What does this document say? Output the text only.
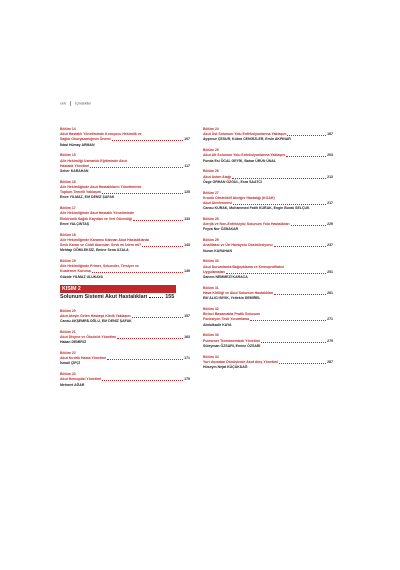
xxiv	İçindekiler
Bölüm 14
Akut Hastalık Yönetiminde Koruyucu Hekimlik ve
Sağlık Okuryazarlığının Önemi	107
İkbal Hümay ARMAN
Bölüm 15
Aile Hekimliği Uzmanlık Eğitiminde Akut
Hastalık Yönetimi	117
Seher KARAHAN
Bölüm 16
Aile Hekimliğinde Akut Hastalıkların Yönetiminde
Toplum Temelli Yaklaşım	125
Emre YILMAZ, Elif DENİZ ŞAFAK
Bölüm 17
Aile Hekimliğinde Akut Hastalık Yönetiminde
Elektronik Sağlık Kayıtları ve Veri Güvenliği	133
Emre YALÇINTAŞ
Bölüm 18
Aile Hekimliğinde Karamsı Kalınan Akut Hastalıklarda
Sevk Kararı ve Ciddi Alarmlar: Sevk mi İzlem mi?	143
Mehtap GÖMLEKSİZ, Emine Sena UZALA
Bölüm 19
Aile Hekimliğinde Primer, Sekonder, Tersiyer ve
Kuaterner Koruma	149
Güzide YILMAZ ULUKAYA
KISIM 2
Solunum Sistemi Akut Hastalıkları	155
Bölüm 20
Akut Ateşle Gelen Hastaya Klinik Yaklaşım	157
Cansu AKŞEMRİLOĞLU, Elif DENİZ ŞAFAK
Bölüm 21
Akut Dispne ve Öksürük Yönetimi	163
Hakan DEMİRCİ
Bölüm 22
Akut Kırdrik Hasta Yönetimi	171
İsmail ÇİFÇİ
Bölüm 23
Akut Hemoptizi Yönetimi	179
Mehmet AĞAR
Bölüm 24
Akut Üst Solunum Yolu Enfeksiyonlarına Yaklaşım	187
Ayşenur ÇESUR, Kübra CENGİZLER, Ersin AKPINAR
Bölüm 25
Akut Alt Solunum Yolu Enfeksiyonlarına Yaklaşım	203
Funda Esi ÖCAL GEYİK, Bahar ÜRÜN ÜNAL
Bölüm 26
Akut Astım Atağı	213
Özge ORHAN ÖZGÜL, Esra SAATCI
Bölüm 27
Kronik Obstrüktif Akciğer Hastalığı (KOAH)
Akut Alevlenmesi	217
Cansu KURAK, Muhammed Fatih KURAK, Engin Burak SELÇUK
Bölüm 28
Alerjik ve Non-Enfeksiyöz Solunum Yolu Hastalıkları	229
Feyza Nur ÖZBAKAR
Bölüm 29
Anafilaksi ve Ürt Havayolu Obstrüksiyonu	237
Nurun KARAHAN
Bölüm 30
Akut Durumlarda Bağışıklama ve Kemoprofilaksi
Uygulamaları	251
Sanem NEMMEZİ KARACA
Bölüm 31
Hava Kirliliği ve Akut Solunum Hastalıkları	261
Elif ALICI BIYIK, Yeltekin DEMİREL
Bölüm 32
Birinci Basamakta Pratik Solunum
Fonksiyon Testi Yorumlama	271
Abdulkadir KAYA
Bölüm 33
Pulmoner Tromboemboli Yönetimi	279
Süleyman ÖZSARI, Emine ÖZSARI
Bölüm 34
Yurt dışından Dönüşlerde Akut Ateş Yönetimi	287
Hüseyin Nejat KÜÇÜKDAĞ
